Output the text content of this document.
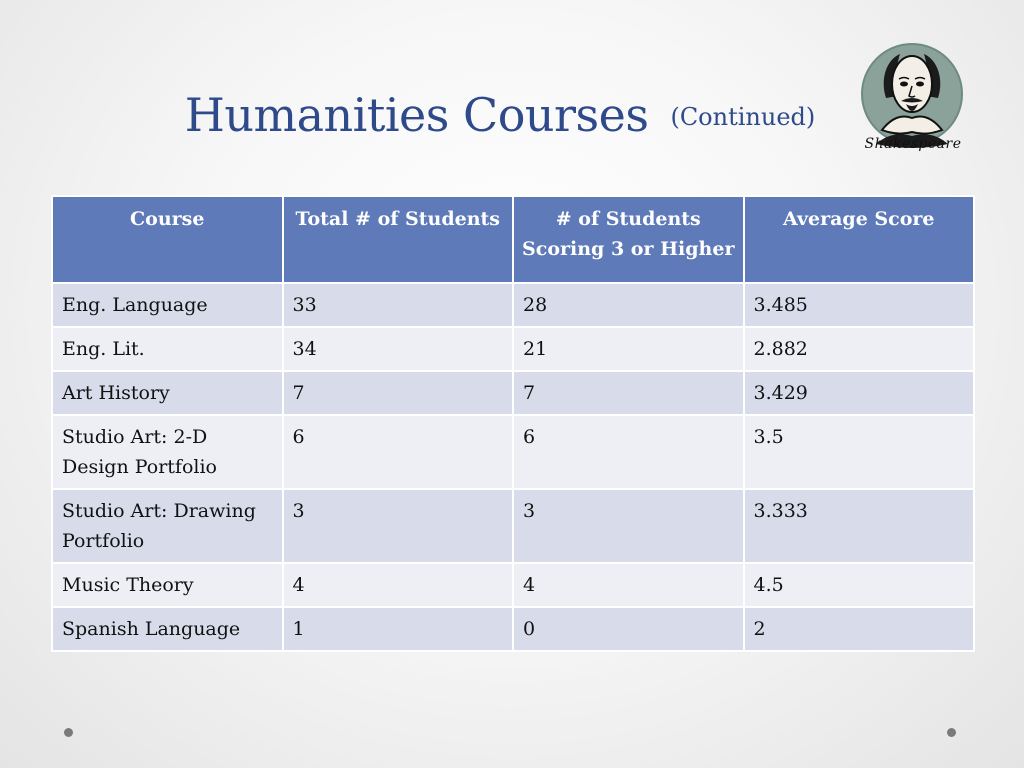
Humanities Courses (Continued)
Shakespeare
Course	Total # of Students	# of Students Scoring 3 or Higher	Average Score
Eng. Language	33	28	3.485
Eng. Lit.	34	21	2.882
Art History	7	7	3.429
Studio Art: 2-D Design Portfolio	6	6	3.5
Studio Art: Drawing Portfolio	3	3	3.333
Music Theory	4	4	4.5
Spanish Language	1	0	2
